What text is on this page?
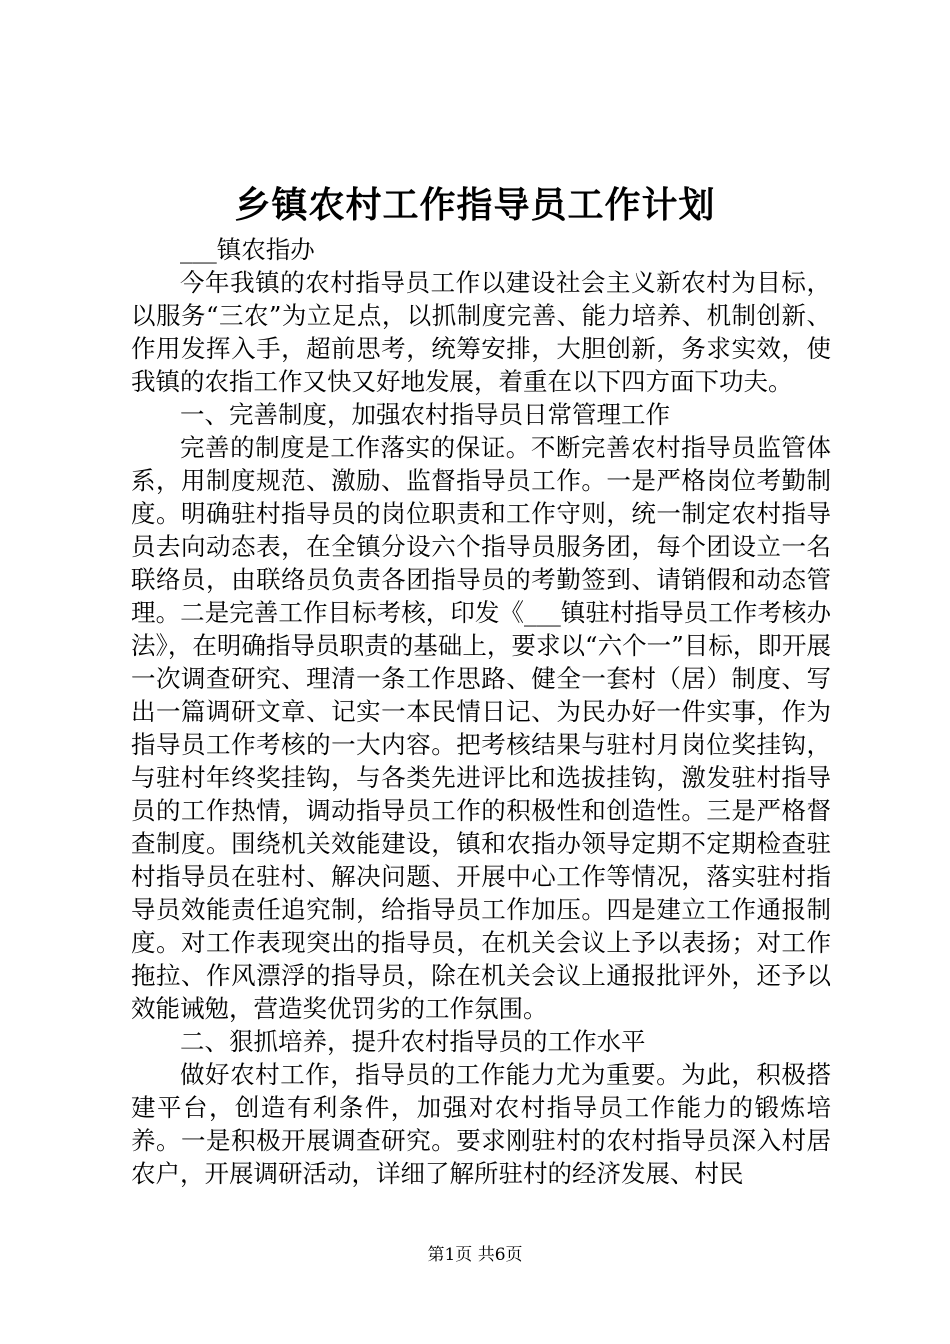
乡镇农村工作指导员工作计划

___镇农指办

今年我镇的农村指导员工作以建设社会主义新农村为目标，以服务“三农”为立足点，以抓制度完善、能力培养、机制创新、作用发挥入手，超前思考，统筹安排，大胆创新，务求实效，使我镇的农指工作又快又好地发展，着重在以下四方面下功夫。

一、完善制度，加强农村指导员日常管理工作

完善的制度是工作落实的保证。不断完善农村指导员监管体系，用制度规范、激励、监督指导员工作。一是严格岗位考勤制度。明确驻村指导员的岗位职责和工作守则，统一制定农村指导员去向动态表，在全镇分设六个指导员服务团，每个团设立一名联络员，由联络员负责各团指导员的考勤签到、请销假和动态管理。二是完善工作目标考核，印发《___镇驻村指导员工作考核办法》，在明确指导员职责的基础上，要求以“六个一”目标，即开展一次调查研究、理清一条工作思路、健全一套村（居）制度、写出一篇调研文章、记实一本民情日记、为民办好一件实事，作为指导员工作考核的一大内容。把考核结果与驻村月岗位奖挂钩，与驻村年终奖挂钩，与各类先进评比和选拔挂钩，激发驻村指导员的工作热情，调动指导员工作的积极性和创造性。三是严格督查制度。围绕机关效能建设，镇和农指办领导定期不定期检查驻村指导员在驻村、解决问题、开展中心工作等情况，落实驻村指导员效能责任追究制，给指导员工作加压。四是建立工作通报制度。对工作表现突出的指导员，在机关会议上予以表扬；对工作拖拉、作风漂浮的指导员，除在机关会议上通报批评外，还予以效能诫勉，营造奖优罚劣的工作氛围。

二、狠抓培养，提升农村指导员的工作水平

做好农村工作，指导员的工作能力尤为重要。为此，积极搭建平台，创造有利条件，加强对农村指导员工作能力的锻炼培养。一是积极开展调查研究。要求刚驻村的农村指导员深入村居农户，开展调研活动，详细了解所驻村的经济发展、村民

第1页 共6页
